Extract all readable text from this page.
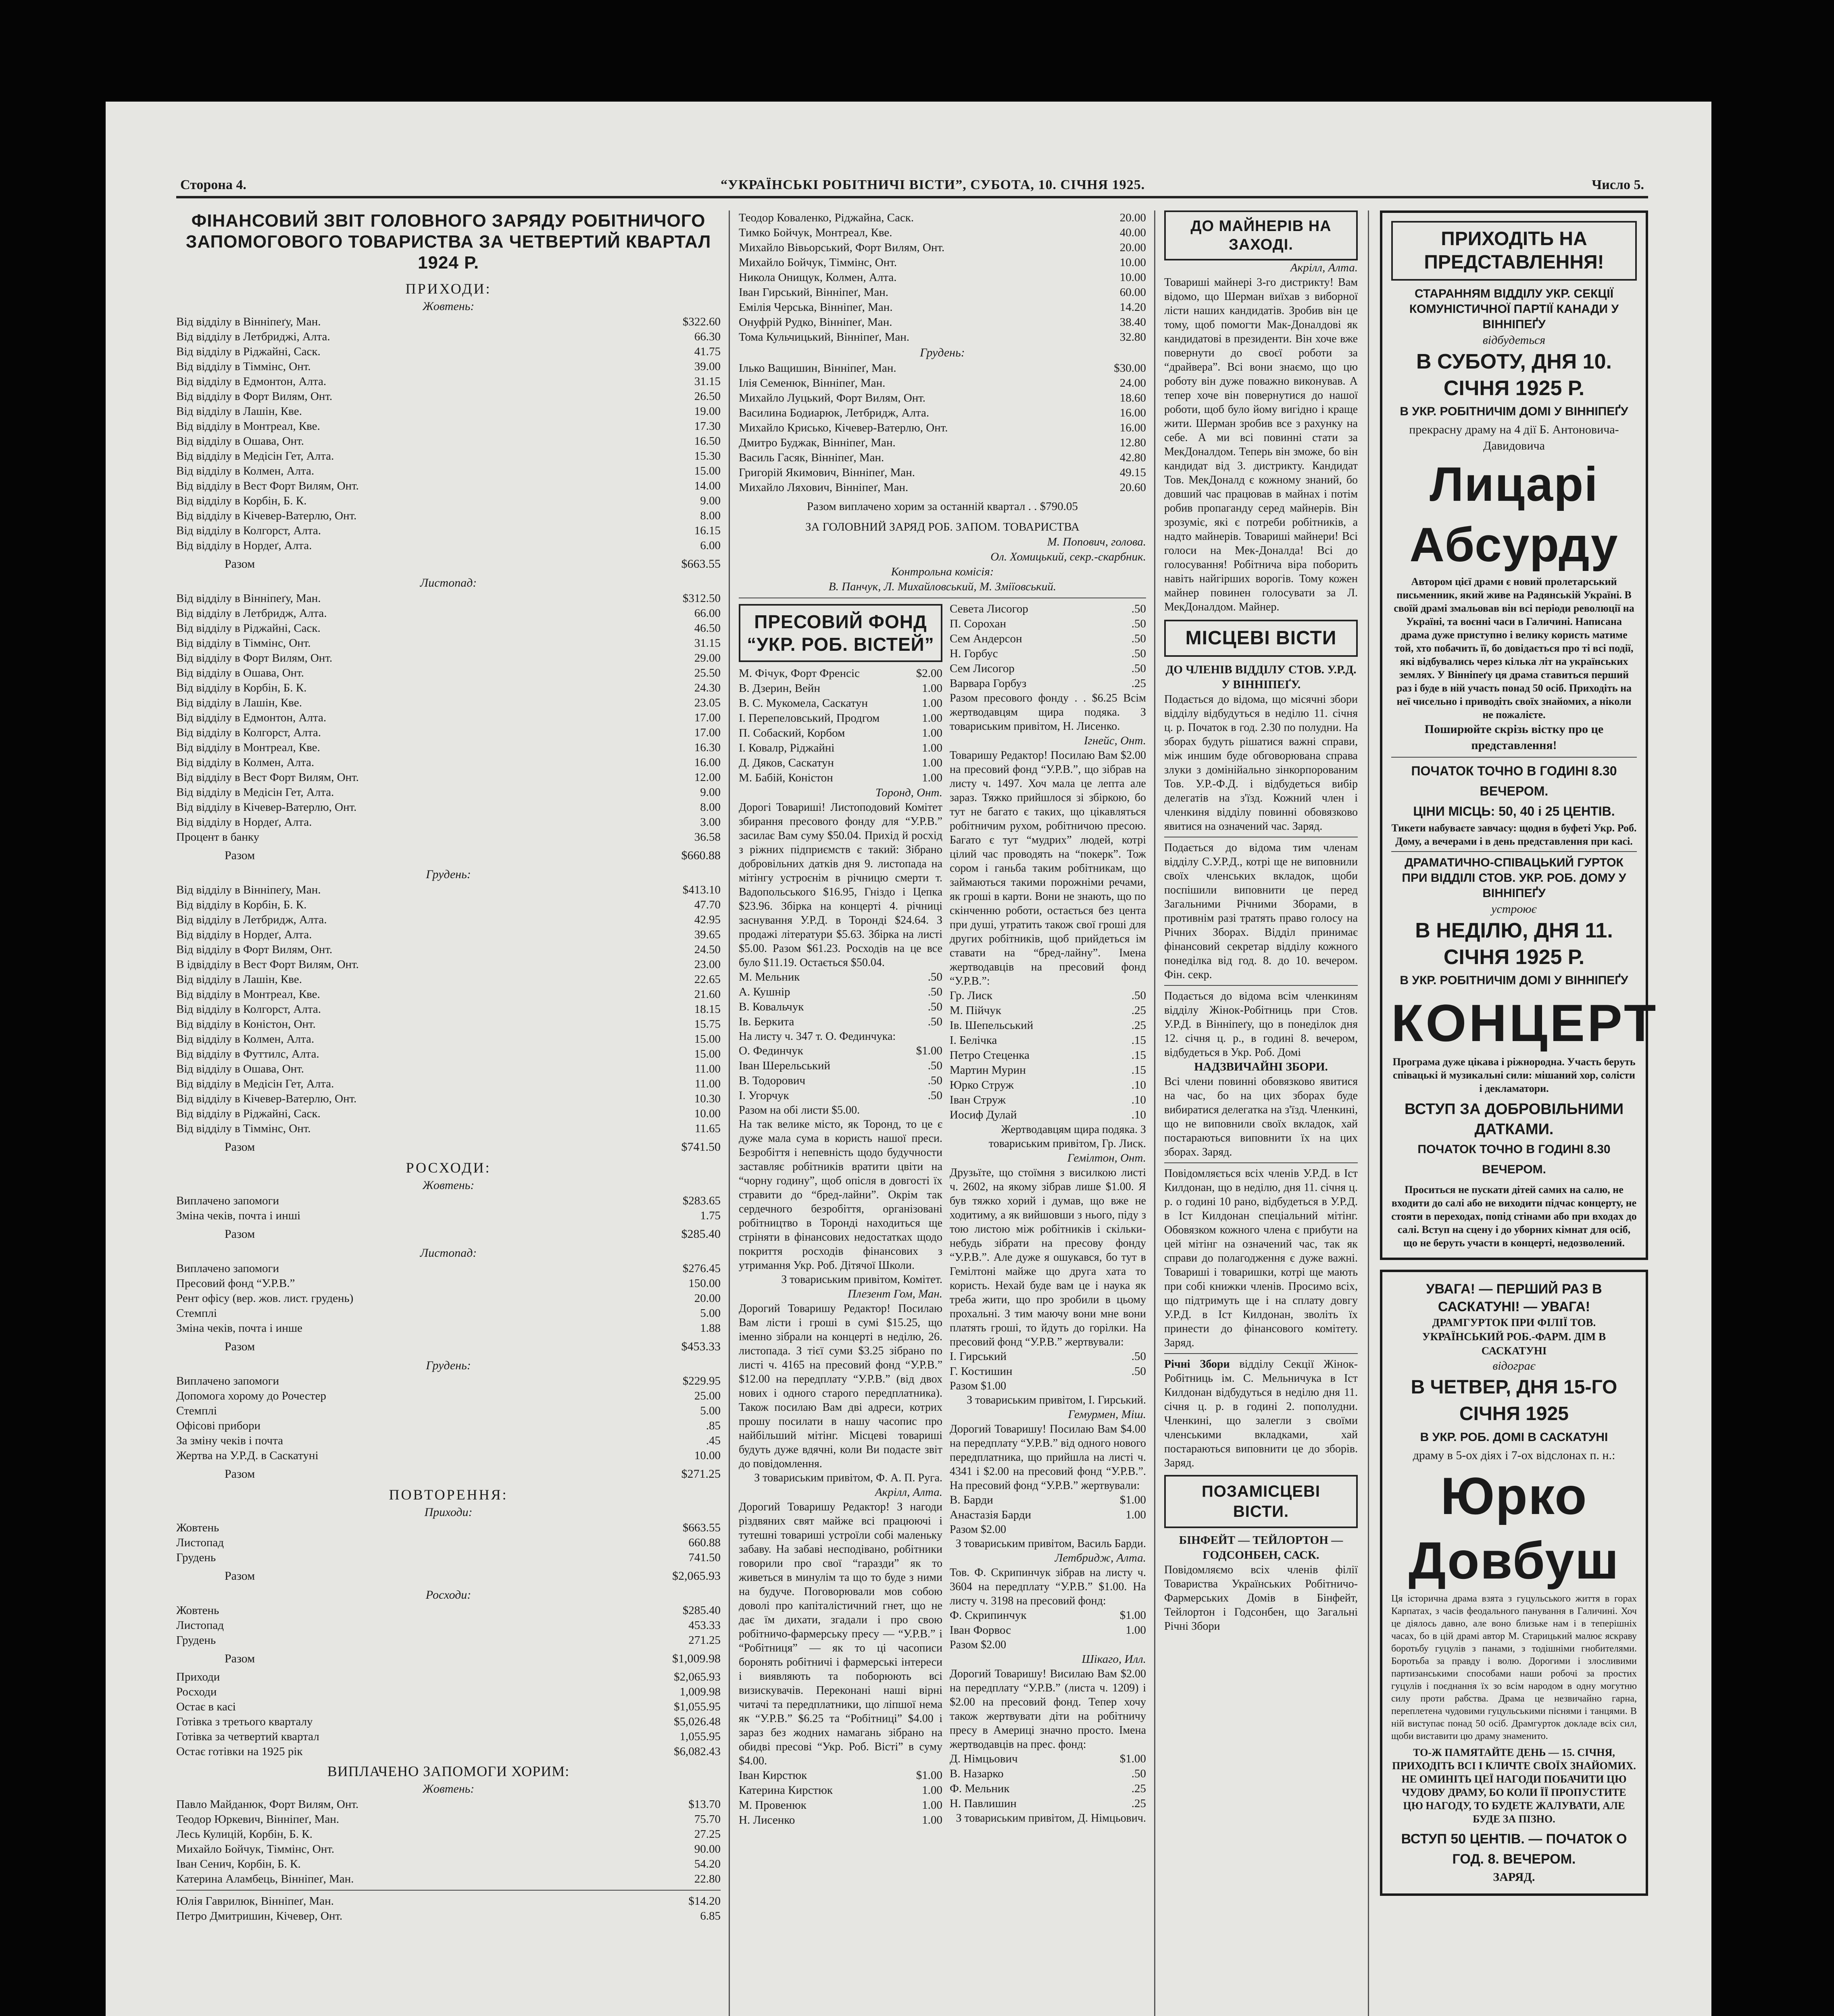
Сторона 4.	“УКРАЇНСЬКІ РОБІТНИЧІ ВІСТИ”, СУБОТА, 10. СІЧНЯ 1925.	Число 5.
ФІНАНСОВИЙ ЗВІТ ГОЛОВНОГО ЗАРЯДУ РОБІТНИЧОГО ЗАПОМОГОВОГО ТОВАРИСТВА ЗА ЧЕТВЕРТИЙ КВАРТАЛ 1924 Р.
ПРИХОДИ:
Жовтень:
Від відділу в Вінніпеґу, Ман.	$322.60
Від відділу в Летбриджі, Алта.	66.30
Від відділу в Ріджайні, Саск.	41.75
Від відділу в Тіммінс, Онт.	39.00
Від відділу в Едмонтон, Алта.	31.15
Від відділу в Форт Вилям, Онт.	26.50
Від відділу в Лашін, Кве.	19.00
Від відділу в Монтреал, Кве.	17.30
Від відділу в Ошава, Онт.	16.50
Від відділу в Медісін Гет, Алта.	15.30
Від відділу в Колмен, Алта.	15.00
Від відділу в Вест Форт Вилям, Онт.	14.00
Від відділу в Корбін, Б. К.	9.00
Від відділу в Кічевер-Ватерлю, Онт.	8.00
Від відділу в Колгорст, Алта.	16.15
Від відділу в Нордеґ, Алта.	6.00
Разом	$663.55
Листопад:
Від відділу в Вінніпеґу, Ман.	$312.50
Від відділу в Летбридж, Алта.	66.00
Від відділу в Ріджайні, Саск.	46.50
Від відділу в Тіммінс, Онт.	31.15
Від відділу в Форт Вилям, Онт.	29.00
Від відділу в Ошава, Онт.	25.50
Від відділу в Корбін, Б. К.	24.30
Від відділу в Лашін, Кве.	23.05
Від відділу в Едмонтон, Алта.	17.00
Від відділу в Колгорст, Алта.	17.00
Від відділу в Монтреал, Кве.	16.30
Від відділу в Колмен, Алта.	16.00
Від відділу в Вест Форт Вилям, Онт.	12.00
Від відділу в Медісін Гет, Алта.	9.00
Від відділу в Кічевер-Ватерлю, Онт.	8.00
Від відділу в Нордеґ, Алта.	3.00
Процент в банку	36.58
Разом	$660.88
Грудень:
Від відділу в Вінніпеґу, Ман.	$413.10
Від відділу в Корбін, Б. К.	47.70
Від відділу в Летбридж, Алта.	42.95
Від відділу в Нордеґ, Алта.	39.65
Від відділу в Форт Вилям, Онт.	24.50
В ідвідділу в Вест Форт Вилям, Онт.	23.00
Від відділу в Лашін, Кве.	22.65
Від відділу в Монтреал, Кве.	21.60
Від відділу в Колгорст, Алта.	18.15
Від відділу в Коністон, Онт.	15.75
Від відділу в Колмен, Алта.	15.00
Від відділу в Футтилс, Алта.	15.00
Від відділу в Ошава, Онт.	11.00
Від відділу в Медісін Гет, Алта.	11.00
Від відділу в Кічевер-Ватерлю, Онт.	10.30
Від відділу в Ріджайні, Саск.	10.00
Від відділу в Тіммінс, Онт.	11.65
Разом	$741.50
РОСХОДИ:
Жовтень:
Виплачено запомоги	$283.65
Зміна чеків, почта і инші	1.75
Разом	$285.40
Листопад:
Виплачено запомоги	$276.45
Пресовий фонд “У.Р.В.”	150.00
Рент офісу (вер. жов. лист. грудень)	20.00
Стемплі	5.00
Зміна чеків, почта і инше	1.88
Разом	$453.33
Грудень:
Виплачено запомоги	$229.95
Допомога хорому до Рочестер	25.00
Стемплі	5.00
Офісові прибори	.85
За зміну чеків і почта	.45
Жертва на У.Р.Д. в Саскатуні	10.00
Разом	$271.25
ПОВТОРЕННЯ:
Приходи:
Жовтень	$663.55
Листопад	660.88
Грудень	741.50
Разом	$2,065.93
Росходи:
Жовтень	$285.40
Листопад	453.33
Грудень	271.25
Разом	$1,009.98
Приходи	$2,065.93
Росходи	1,009.98
Остає в касі	$1,055.95
Готівка з третього кварталу	$5,026.48
Готівка за четвертий квартал	1,055.95
Остає готівки на 1925 рік	$6,082.43
ВИПЛАЧЕНО ЗАПОМОГИ ХОРИМ:
Жовтень:
Павло Майданюк, Форт Вилям, Онт.	$13.70
Теодор Юркевич, Вінніпеґ, Ман.	75.70
Лесь Кулицій, Корбін, Б. К.	27.25
Михайло Бойчук, Тіммінс, Онт.	90.00
Іван Сенич, Корбін, Б. К.	54.20
Катерина Аламбець, Вінніпеґ, Ман.	22.80
Юлія Гаврилюк, Вінніпеґ, Ман.	$14.20
Петро Дмитришин, Кічевер, Онт.	6.85
Теодор Коваленко, Ріджайна, Саск.	20.00
Тимко Бойчук, Монтреал, Кве.	40.00
Михайло Вівьорський, Форт Вилям, Онт.	20.00
Михайло Бойчук, Тіммінс, Онт.	10.00
Никола Онищук, Колмен, Алта.	10.00
Іван Гирський, Вінніпеґ, Ман.	60.00
Емілія Черська, Вінніпеґ, Ман.	14.20
Онуфрій Рудко, Вінніпеґ, Ман.	38.40
Тома Кульчицький, Вінніпеґ, Ман.	32.80
Грудень:
Ілько Ващишин, Вінніпеґ, Ман.	$30.00
Ілія Семенюк, Вінніпеґ, Ман.	24.00
Михайло Луцький, Форт Вилям, Онт.	18.60
Василина Бодиарюк, Летбридж, Алта.	16.00
Михайло Крисько, Кічевер-Ватерлю, Онт.	16.00
Дмитро Буджак, Вінніпеґ, Ман.	12.80
Василь Гасяк, Вінніпеґ, Ман.	42.80
Григорій Якимович, Вінніпеґ, Ман.	49.15
Михайло Ляхович, Вінніпеґ, Ман.	20.60
Разом виплачено хорим за останній квартал . . $790.05
ЗА ГОЛОВНИЙ ЗАРЯД РОБ. ЗАПОМ. ТОВАРИСТВА
М. Попович, голова.
Ол. Хомицький, секр.-скарбник.
Контрольна комісія:
В. Панчук, Л. Михайловський, М. Зміїовський.
ПРЕСОВИЙ ФОНД “УКР. РОБ. ВІСТЕЙ”
М. Фічук, Форт Френсіс	$2.00
В. Дзерин, Вейн	1.00
В. С. Мукомела, Саскатун	1.00
І. Перепеловський, Продгом	1.00
П. Собаский, Корбом	1.00
І. Ковалр, Ріджайні	1.00
Д. Дяков, Саскатун	1.00
М. Бабій, Коністон	1.00
Торонд, Онт.
Дорогі Товариші! Листоподовий Комітет збирання пресового фонду для “У.Р.В.” засилає Вам суму $50.04. Прихід й росхід з ріжних підприємств є такий: Зібрано добровільних датків дня 9. листопада на мітінгу устроєнім в річницю смерти т. Вадопольського $16.95, Гніздо і Цепка $23.96. Збірка на концерті 4. річниці заснування У.Р.Д. в Торонді $24.64. З продажі літератури $5.63. Збірка на листі $5.00. Разом $61.23. Росходів на це все було $11.19. Остається $50.04.
М. Мельник	.50
А. Кушнір	.50
В. Ковальчук	.50
Ів. Беркита	.50
На листу ч. 347 т. О. Фединчука:
О. Фединчук	$1.00
Іван Шерельський	.50
В. Тодорович	.50
І. Угорчук	.50
Разом на обі листи $5.00.
На так велике місто, як Торонд, то це є дуже мала сума в користь нашої преси. Безробіття і непевність щодо будучности заставляє робітників вратити цвіти на “чорну годину”, щоб опісля в довгості їх стравити до “бред-лайни”. Окрім так сердечного безробіття, організовані робітництво в Торонді находиться ще стріняти в фінансових недостатках щодо покриття росходів фінансових з утримання Укр. Роб. Дітячої Школи.
З товариським привітом, Комітет.
Плезент Гом, Ман.
Дорогий Товаришу Редактор! Посилаю Вам лісти і гроші в сумі $15.25, що іменно зібрали на концерті в неділю, 26. листопада. З тієї суми $3.25 зібрано по листі ч. 4165 на пресовий фонд “У.Р.В.” $12.00 на передплату “У.Р.В.” (від двох нових і одного старого передплатника). Також посилаю Вам дві адреси, котрих прошу посилати в нашу часопис про найбільший мітінг. Місцеві товариші будуть дуже вдячні, коли Ви подасте звіт до повідомлення.
З товариським привітом, Ф. А. П. Руга.
Акрілл, Алта.
Дорогий Товаришу Редактор! З нагоди різдвяних свят майже всі працюючі і тутешні товариші устроїли собі маленьку забаву. На забаві несподівано, робітники говорили про свої “гаразди” як то живеться в минулім та що то буде з ними на будуче. Поговорювали мов собою доволі про капіталістичний гнет, що не дає їм дихати, згадали і про свою робітничо-фармерську пресу — “У.Р.В.” і “Робітниця” — як то ці часописи боронять робітничі і фармерські інтереси і виявляють та поборюють всі визискувачів. Переконані наші вірні читачі та передплатники, що ліпшої нема як “У.Р.В.” $6.25 та “Робітниці” $4.00 і зараз без жодних намагань зібрано на обидві пресові “Укр. Роб. Вісті” в суму $4.00.
Іван Кирстюк	$1.00
Катерина Кирстюк	1.00
М. Провенюк	1.00
Н. Лисенко	1.00
Севета Лисогор	.50
П. Сорохан	.50
Сем Андерсон	.50
Н. Горбус	.50
Сем Лисогор	.50
Варвара Горбуз	.25
Разом пресового фонду . . $6.25 Всім жертводавцям щира подяка. З товариським привітом, Н. Лисенко.
Ігнейс, Онт.
Товаришу Редактор! Посилаю Вам $2.00 на пресовий фонд “У.Р.В.”, що зібрав на листу ч. 1497. Хоч мала це лепта але зараз. Тяжко прийшлося зі збіркою, бо тут не багато є таких, що цікавляться робітничим рухом, робітничою пресою. Багато є тут “мудрих” людей, котрі цілий час проводять на “покерк”. Тож сором і ганьба таким робітникам, що займаються такими порожніми речами, як гроші в карти. Вони не знають, що по скінченню роботи, остається без цента при душі, утратить також свої гроші для других робітників, щоб прийдеться ім ставати на “бред-лайну”. Імена жертводавців на пресовий фонд “У.Р.В.”:
Гр. Лиск	.50
М. Пійчук	.25
Ів. Шепельський	.25
І. Белічка	.15
Петро Стеценка	.15
Мартин Мурин	.15
Юрко Струж	.10
Іван Струж	.10
Иосиф Дулай	.10
Жертводавцям щира подяка. З товариським привітом, Гр. Лиск.
Гемілтон, Онт.
Друзьїте, що стоїмня з висилкою листі ч. 2602, на якому зібрав лише $1.00. Я був тяжко хорий і думав, що вже не ходитиму, а як вийшовши з нього, піду з тою листою між робітників і скільки-небудь зібрати на пресову фонду “У.Р.В.”. Але дуже я ошукався, бо тут в Гемілтоні майже що друга хата то користь. Нехай буде вам це і наука як треба жити, що про зробили в цьому прохальні. З тим маючу вони мне вони платять гроші, то йдуть до горілки. На пресовий фонд “У.Р.В.” жертвували:
І. Гирський	.50
Г. Костишин	.50
Разом $1.00
З товариським привітом, І. Гирський.
Гемурмен, Міш.
Дорогий Товаришу! Посилаю Вам $4.00 на передплату “У.Р.В.” від одного нового передплатника, що прийшла на листі ч. 4341 і $2.00 на пресовий фонд “У.Р.В.”. На пресовий фонд “У.Р.В.” жертвували:
В. Барди	$1.00
Анастазія Барди	1.00
Разом $2.00
З товариським привітом, Василь Барди.
Летбридж, Алта.
Тов. Ф. Скрипинчук зібрав на листу ч. 3604 на передплату “У.Р.В.” $1.00. На листу ч. 3198 на пресовий фонд:
Ф. Скрипинчук	$1.00
Іван Форвос	1.00
Разом $2.00
Шікаго, Илл.
Дорогий Товаришу! Висилаю Вам $2.00 на передплату “У.Р.В.” (листа ч. 1209) і $2.00 на пресовий фонд. Тепер хочу також жертвувати діти на робітничу пресу в Америці значно просто. Імена жертводавців на прес. фонд:
Д. Німцьович	$1.00
В. Назарко	.50
Ф. Мельник	.25
Н. Павлишин	.25
З товариським привітом, Д. Німцьович.
ДО МАЙНЕРІВ НА ЗАХОДІ.
Акрілл, Алта.
Товариші майнері 3-го дистрикту! Вам відомо, що Шерман виїхав з виборної лісти наших кандидатів. Зробив він це тому, щоб помогти Мак-Доналдові як кандидатові в президенти. Він хоче вже повернути до своєї роботи за “драйвера”. Всі вони знаємо, що цю роботу він дуже поважно виконував. А тепер хоче він повернутися до нашої роботи, щоб було йому вигідно і краще жити. Шерман зробив все з рахунку на себе. А ми всі повинні стати за МекДоналдом. Теперь він зможе, бо він кандидат від 3. дистрикту. Кандидат Тов. МекДоналд є кожному знаний, бо довший час працював в майнах і потім робив пропаганду серед майнерів. Він зрозуміє, які є потреби робітників, а надто майнерів. Товариші майнери! Всі голоси на Мек-Доналда! Всі до голосування! Робітнича віра поборить навіть найгірших ворогів. Тому кожен майнер повинен голосувати за Л. МекДоналдом. Майнер.
МІСЦЕВІ ВІСТИ
ДО ЧЛЕНІВ ВІДДІЛУ СТОВ. У.Р.Д. У ВІННІПЕҐУ.
Подається до відома, що місячні збори відділу відбудуться в неділю 11. січня ц. р. Початок в год. 2.30 по полудни. На зборах будуть рішатися важні справи, між иншим буде обговорювана справа злуки з домінійально зінкорпорованим Тов. У.Р.-Ф.Д. і відбудеться вибір делегатів на з'їзд. Кожний член і членкиня відділу повинні обовязково явитися на означений час. Заряд.
Подається до відома тим членам відділу С.У.Р.Д., котрі ще не виповнили своїх членських вкладок, щоби поспішили виповнити це перед Загальними Річними Зборами, в противнім разі тратять право голосу на Річних Зборах. Відділ принимає фінансовий секретар відділу кожного понеділка від год. 8. до 10. вечером. Фін. секр.
Подається до відома всім членкиням відділу Жінок-Робітниць при Стов. У.Р.Д. в Вінніпеґу, що в понеділок дня 12. січня ц. р., в годині 8. вечером, відбудеться в Укр. Роб. Домі
НАДЗВИЧАЙНІ ЗБОРИ.
Всі члени повинні обовязково явитися на час, бо на цих зборах буде вибиратися делегатка на з'їзд. Членкині, що не виповнили своїх вкладок, хай постараються виповнити їх на цих зборах. Заряд.
Повідомляється всіх членів У.Р.Д. в Іст Килдонан, що в неділю, дня 11. січня ц. р. о годині 10 рано, відбудеться в У.Р.Д. в Іст Килдонан спеціальний мітінг. Обовязком кожного члена є прибути на цей мітінг на означений час, так як справи до полагодження є дуже важні. Товариші і товаришки, котрі ще мають при собі книжки членів. Просимо всіх, що підтримуть ще і на сплату довгу У.Р.Д. в Іст Килдонан, зволіть їх принести до фінансового комітету. Заряд.
Річні Збори відділу Секції Жінок-Робітниць ім. С. Мельничука в Іст Килдонан відбудуться в неділю дня 11. січня ц. р. в годині 2. пополудни. Членкині, що залегли з своїми членськими вкладками, хай постараються виповнити це до зборів. Заряд.
ПОЗАМІСЦЕВІ ВІСТИ.
БІНФЕЙТ — ТЕЙЛОРТОН — ГОДСОНБЕН, САСК.
Повідомляємо всіх членів філії Товариства Українських Робітничо-Фармерських Домів в Бінфейт, Тейлортон і Годсонбен, що Загальні Річні Збори
ПРИХОДІТЬ НА ПРЕДСТАВЛЕННЯ!
СТАРАННЯМ ВІДДІЛУ УКР. СЕКЦІЇ КОМУНІСТИЧНОЇ ПАРТІЇ КАНАДИ У ВІННІПЕҐУ
відбудеться
В СУБОТУ, ДНЯ 10. СІЧНЯ 1925 Р.
В УКР. РОБІТНИЧІМ ДОМІ У ВІННІПЕҐУ
прекрасну драму на 4 дії Б. Антоновича-Давидовича
Лицарі Абсурду
Автором цієї драми є новий пролетарський письменник, який живе на Радянській Україні. В своїй драмі змальовав він всі періоди революції на Україні, та воєнні часи в Галичині. Написана драма дуже приступно і велику користь матиме той, хто побачить її, бо довідається про ті всі події, які відбувались через кілька літ на українських землях. У Вінніпеґу ця драма ставиться перший раз і буде в ній участь понад 50 осіб. Приходіть на неї чисельно і приводіть своїх знайомих, а ніколи не пожалієте.
Поширюйте скрізь вістку про це представлення!
ПОЧАТОК ТОЧНО В ГОДИНІ 8.30 ВЕЧЕРОМ.
ЦІНИ МІСЦЬ: 50, 40 і 25 ЦЕНТІВ.
Тикети набуваєте завчасу: щодня в буфеті Укр. Роб. Дому, а вечерами і в день представлення при касі.
ДРАМАТИЧНО-СПІВАЦЬКИЙ ГУРТОК ПРИ ВІДДІЛІ СТОВ. УКР. РОБ. ДОМУ У ВІННІПЕҐУ
устроює
В НЕДІЛЮ, ДНЯ 11. СІЧНЯ 1925 Р.
В УКР. РОБІТНИЧІМ ДОМІ У ВІННІПЕҐУ
КОНЦЕРТ
Програма дуже цікава і ріжнородна. Участь беруть співацькі й музикальні сили: мішаний хор, солісти і декламатори.
ВСТУП ЗА ДОБРОВІЛЬНИМИ ДАТКАМИ.
ПОЧАТОК ТОЧНО В ГОДИНІ 8.30 ВЕЧЕРОМ.
Проситься не пускати дітей самих на салю, не входити до салі або не виходити підчас концерту, не стояти в переходах, попід стінами або при входах до салі. Вступ на сцену і до уборних кімнат для осіб, що не беруть участи в концерті, недозволений.
УВАГА! — ПЕРШИЙ РАЗ В САСКАТУНІ! — УВАГА!
ДРАМГУРТОК ПРИ ФІЛІЇ ТОВ. УКРАЇНСЬКИЙ РОБ.-ФАРМ. ДІМ В САСКАТУНІ
відограє
В ЧЕТВЕР, ДНЯ 15-ГО СІЧНЯ 1925
В УКР. РОБ. ДОМІ В САСКАТУНІ
драму в 5-ох діях і 7-ох відслонах п. н.:
Юрко Довбуш
Ця історична драма взята з гуцульського життя в горах Карпатах, з часів феодального панування в Галичині. Хоч це діялось давно, але воно близьке нам і в теперішніх часах, бо в цій драмі автор М. Старицький малює яскраву боротьбу гуцулів з панами, з тодішніми гнобителями. Боротьба за правду і волю. Дорогими і злосливими партизанськими способами наши робочі за простих гуцулів і поєднання їх зо всім народом в одну могутню силу проти рабства. Драма це незвичайно гарна, переплетена чудовими гуцульськими піснями і танцями. В ній виступає понад 50 осіб. Драмгурток докладе всіх сил, щоби виставити цю драму знаменито.
ТО-Ж ПАМЯТАЙТЕ ДЕНЬ — 15. СІЧНЯ, ПРИХОДІТЬ ВСІ І КЛИЧТЕ СВОЇХ ЗНАЙОМИХ. НЕ ОМИНІТЬ ЦЕЇ НАГОДИ ПОБАЧИТИ ЦЮ ЧУДОВУ ДРАМУ, БО КОЛИ ЇЇ ПРОПУСТИТЕ ЦЮ НАГОДУ, ТО БУДЕТЕ ЖАЛУВАТИ, АЛЕ БУДЕ ЗА ПІЗНО.
ВСТУП 50 ЦЕНТІВ. — ПОЧАТОК О ГОД. 8. ВЕЧЕРОМ.
ЗАРЯД.
